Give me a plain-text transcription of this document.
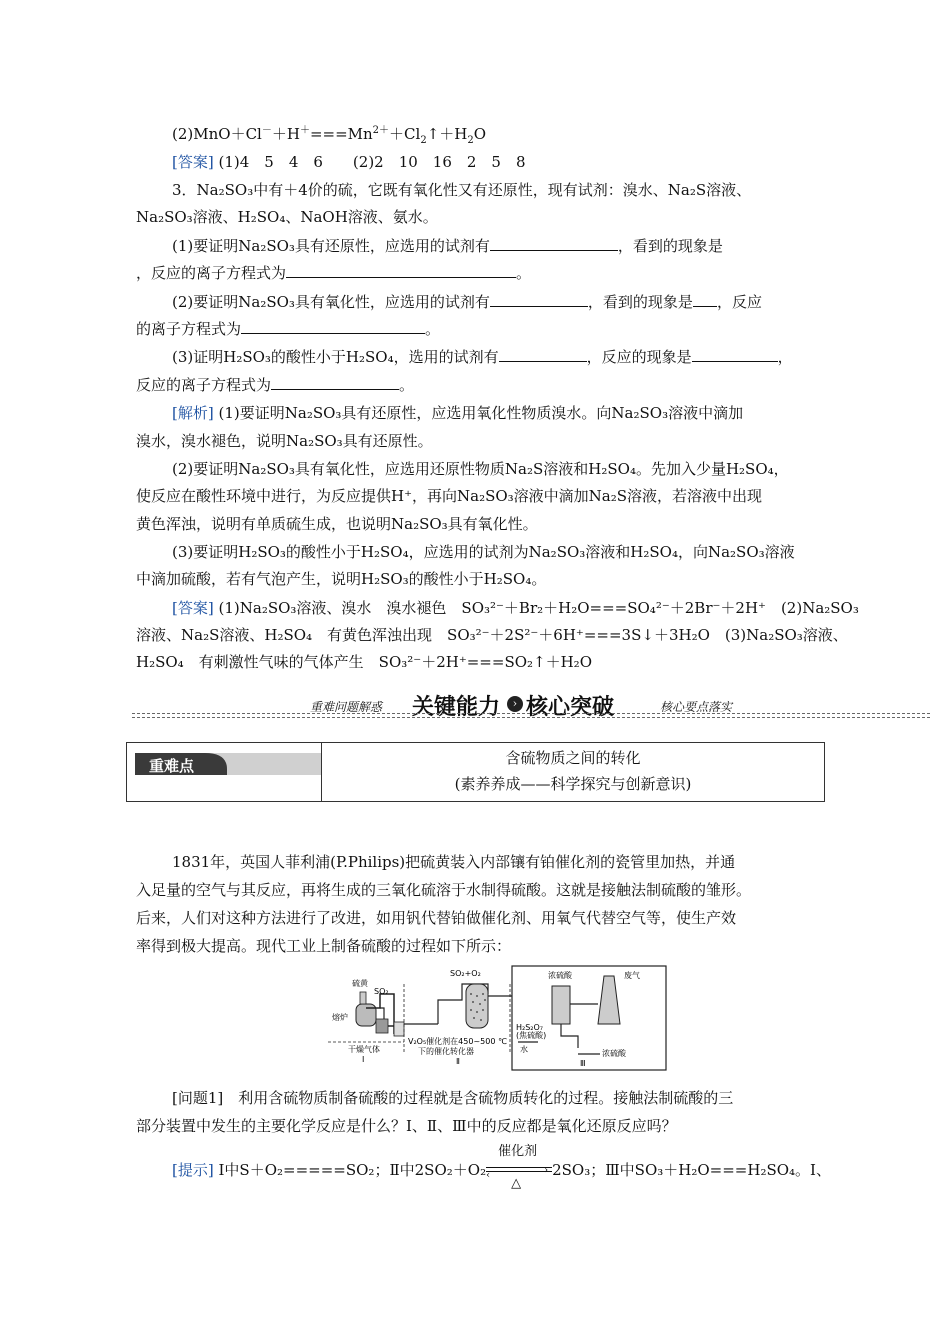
$(2)MnO+Cl^-+H^+===Mn^{2+}+Cl_2↑+H_2O$
[答案] (1)4　5　4　6　　(2)2　10　16　2　5　8
3．Na₂SO₃中有＋4价的硫，它既有氧化性又有还原性，现有试剂：溴水、Na₂S溶液、
Na₂SO₃溶液、H₂SO₄、NaOH溶液、氨水。
(1)要证明Na₂SO₃具有还原性，应选用的试剂有	，看到的现象是
，反应的离子方程式为	。
(2)要证明Na₂SO₃具有氧化性，应选用的试剂有	，看到的现象是 ，反应
的离子方程式为	。
(3)证明H₂SO₃的酸性小于H₂SO₄，选用的试剂有	，反应的现象是	，
反应的离子方程式为	。
[解析] (1)要证明Na₂SO₃具有还原性，应选用氧化性物质溴水。向Na₂SO₃溶液中滴加
溴水，溴水褪色，说明Na₂SO₃具有还原性。
(2)要证明Na₂SO₃具有氧化性，应选用还原性物质Na₂S溶液和H₂SO₄。先加入少量H₂SO₄，
使反应在酸性环境中进行，为反应提供H⁺，再向Na₂SO₃溶液中滴加Na₂S溶液，若溶液中出现
黄色浑浊，说明有单质硫生成，也说明Na₂SO₃具有氧化性。
(3)要证明H₂SO₃的酸性小于H₂SO₄，应选用的试剂为Na₂SO₃溶液和H₂SO₄，向Na₂SO₃溶液
中滴加硫酸，若有气泡产生，说明H₂SO₃的酸性小于H₂SO₄。
[答案] (1)Na₂SO₃溶液、溴水　溴水褪色　SO₃²⁻＋Br₂＋H₂O===SO₄²⁻＋2Br⁻＋2H⁺　(2)Na₂SO₃
溶液、Na₂S溶液、H₂SO₄　有黄色浑浊出现　SO₃²⁻＋2S²⁻＋6H⁺===3S↓＋3H₂O　(3)Na₂SO₃溶液、
H₂SO₄　有刺激性气味的气体产生　SO₃²⁻＋2H⁺===SO₂↑＋H₂O
重难问题解惑 关键能力	› 核心突破	核心要点落实
重难点	含硫物质之间的转化
(素养养成——科学探究与创新意识)
1831年，英国人菲利浦(P.Philips)把硫黄装入内部镶有铂催化剂的瓷管里加热，并通
入足量的空气与其反应，再将生成的三氧化硫溶于水制得硫酸。这就是接触法制硫酸的雏形。
后来，人们对这种方法进行了改进，如用钒代替铂做催化剂、用氧气代替空气等，使生产效
率得到极大提高。现代工业上制备硫酸的过程如下所示：
硫黄
SO₂
熔炉
干燥气体
Ⅰ
SO₂+O₂
V₂O₅催化剂在450~500 ℃
下的催化转化器
Ⅱ
浓硫酸	废气
H₂S₂O₇
(焦硫酸)
水	浓硫酸
Ⅲ
[问题1]　 利用含硫物质制备硫酸的过程就是含硫物质转化的过程。接触法制硫酸的三
部分装置中发生的主要化学反应是什么？Ⅰ、Ⅱ、Ⅲ中的反应都是氧化还原反应吗？
[提示] Ⅰ中S＋O₂=====SO₂；Ⅱ中2SO₂＋O₂
催化剂
›
‹
△
2SO₃；Ⅲ中SO₃＋H₂O===H₂SO₄。Ⅰ、
